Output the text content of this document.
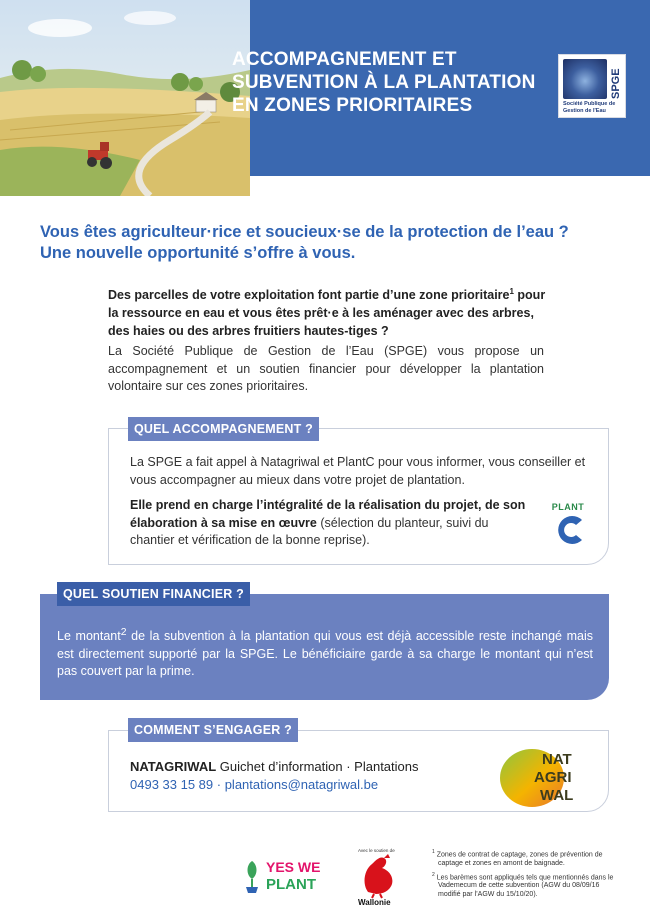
ACCOMPAGNEMENT ET
SUBVENTION À LA PLANTATION
EN ZONES PRIORITAIRES
SPGE
Société Publique de Gestion de l'Eau
Vous êtes agriculteur·rice et soucieux·se de la protection de l’eau ?
Une nouvelle opportunité s’offre à vous.

Des parcelles de votre exploitation font partie d’une zone prioritaire$^1$ pour la ressource en eau et vous êtes prêt·e à les aménager avec des arbres, des haies ou des arbres fruitiers hautes-tiges ?

La Société Publique de Gestion de l’Eau (SPGE) vous propose un accompagnement et un soutien financier pour développer la plantation volontaire sur ces zones prioritaires.

QUEL ACCOMPAGNEMENT ?

La SPGE a fait appel à Natagriwal et PlantC pour vous informer, vous conseiller et vous accompagner au mieux dans votre projet de plantation.

Elle prend en charge l’intégralité de la réalisation du projet, de son élaboration à sa mise en œuvre (sélection du planteur, suivi du chantier et vérification de la bonne reprise).

PLANT
QUEL SOUTIEN FINANCIER ?

Le montant$^2$ de la subvention à la plantation qui vous est déjà accessible reste inchangé mais est directement supporté par la SPGE. Le bénéficiaire garde à sa charge le montant qui n’est pas couvert par la prime.

COMMENT S’ENGAGER ?
NATAGRIWAL Guichet d’information · Plantations
0493 33 15 89 · plantations@natagriwal.be
NAT
AGRI
WAL
YES WE
PLANT
Avec le soutien de
Wallonie

$^1$ Zones de contrat de captage, zones de prévention de captage et zones en amont de baignade.

$^2$ Les barèmes sont appliqués tels que mentionnés dans le Vademecum de cette subvention (AGW du 08/09/16 modifié par l’AGW du 15/10/20).
